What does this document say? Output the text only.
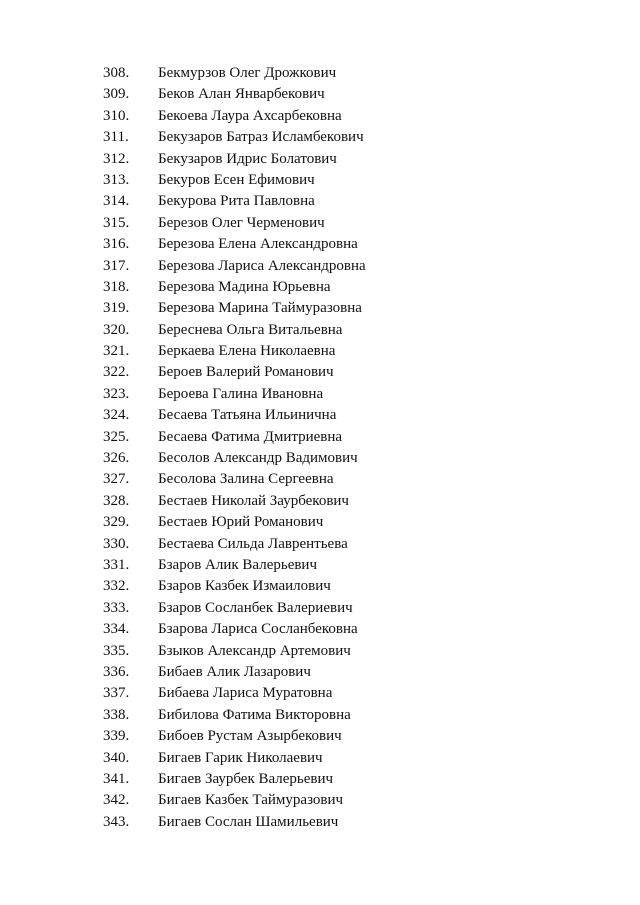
308. Бекмурзов Олег Дрожкович
309. Беков Алан Январбекович
310. Бекоева Лаура Ахсарбековна
311. Бекузаров Батраз Исламбекович
312. Бекузаров Идрис Болатович
313. Бекуров Есен Ефимович
314. Бекурова Рита Павловна
315. Березов Олег Черменович
316. Березова Елена Александровна
317. Березова Лариса Александровна
318. Березова Мадина Юрьевна
319. Березова Марина Таймуразовна
320. Береснева Ольга Витальевна
321. Беркаева Елена Николаевна
322. Бероев Валерий Романович
323. Бероева Галина Ивановна
324. Бесаева Татьяна Ильинична
325. Бесаева Фатима Дмитриевна
326. Бесолов Александр Вадимович
327. Бесолова Залина Сергеевна
328. Бестаев Николай Заурбекович
329. Бестаев Юрий Романович
330. Бестаева Сильда Лаврентьева
331. Бзаров Алик Валерьевич
332. Бзаров Казбек Измаилович
333. Бзаров Сосланбек Валериевич
334. Бзарова Лариса Сосланбековна
335. Бзыков Александр Артемович
336. Бибаев Алик Лазарович
337. Бибаева Лариса Муратовна
338. Бибилова Фатима Викторовна
339. Бибоев Рустам Азырбекович
340. Бигаев Гарик Николаевич
341. Бигаев Заурбек Валерьевич
342. Бигаев Казбек Таймуразович
343. Бигаев Сослан Шамильевич
